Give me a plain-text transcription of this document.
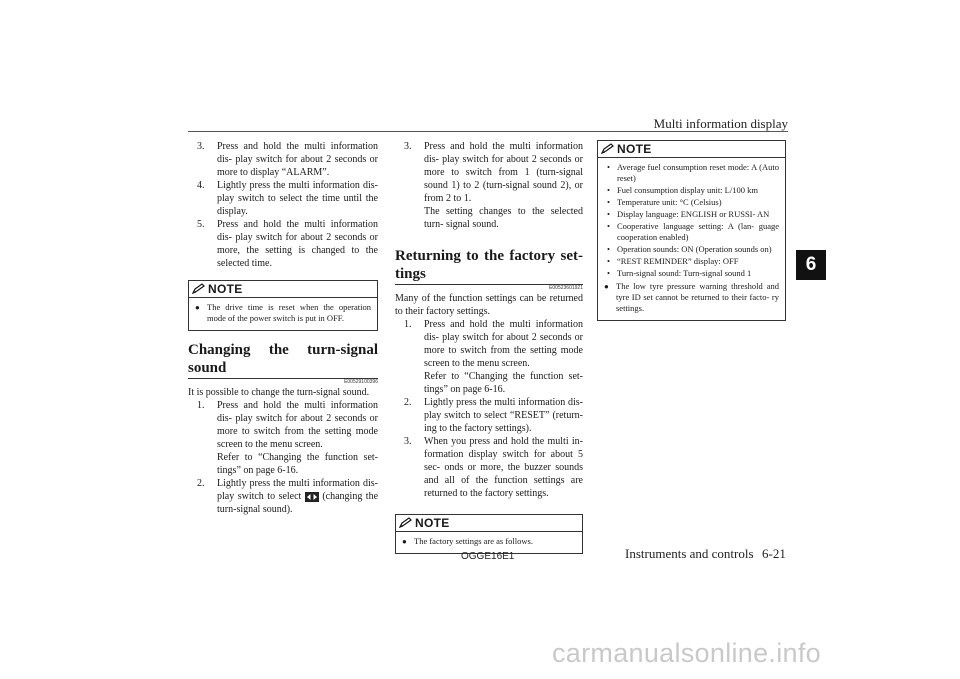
Multi information display
6
3.	Press and hold the multi information dis- play switch for about 2 seconds or more to display “ALARM”.
4.	Lightly press the multi information dis- play switch to select the time until the display.
5.	Press and hold the multi information dis- play switch for about 2 seconds or more, the setting is changed to the selected time.
NOTE
● The drive time is reset when the operation mode of the power switch is put in OFF.
Changing the turn-signal sound
E00529100396
It is possible to change the turn-signal sound.
1.	Press and hold the multi information dis- play switch for about 2 seconds or more to switch from the setting mode screen to the menu screen.
Refer to “Changing the function set- tings” on page 6-16.
2.	Lightly press the multi information dis- play switch to select (changing the turn-signal sound).
3.	Press and hold the multi information dis- play switch for about 2 seconds or more to switch from 1 (turn-signal sound 1) to 2 (turn-signal sound 2), or from 2 to 1.
The setting changes to the selected turn- signal sound.
Returning to the factory set- tings
E00523601921
Many of the function settings can be returned to their factory settings.
1.	Press and hold the multi information dis- play switch for about 2 seconds or more to switch from the setting mode screen to the menu screen.
Refer to “Changing the function set- tings” on page 6-16.
2.	Lightly press the multi information dis- play switch to select “RESET” (return- ing to the factory settings).
3.	When you press and hold the multi in- formation display switch for about 5 sec- onds or more, the buzzer sounds and all of the function settings are returned to the factory settings.
NOTE
● The factory settings are as follows.
NOTE
• Average fuel consumption reset mode: A (Auto reset)
• Fuel consumption display unit: L/100 km
• Temperature unit: °C (Celsius)
• Display language: ENGLISH or RUSSI- AN
• Cooperative language setting: A (lan- guage cooperation enabled)
• Operation sounds: ON (Operation sounds on)
• “REST REMINDER” display: OFF
• Turn-signal sound: Turn-signal sound 1
● The low tyre pressure warning threshold and tyre ID set cannot be returned to their facto- ry settings.
OGGE16E1	Instruments and controls 6-21
carmanualsonline.info
